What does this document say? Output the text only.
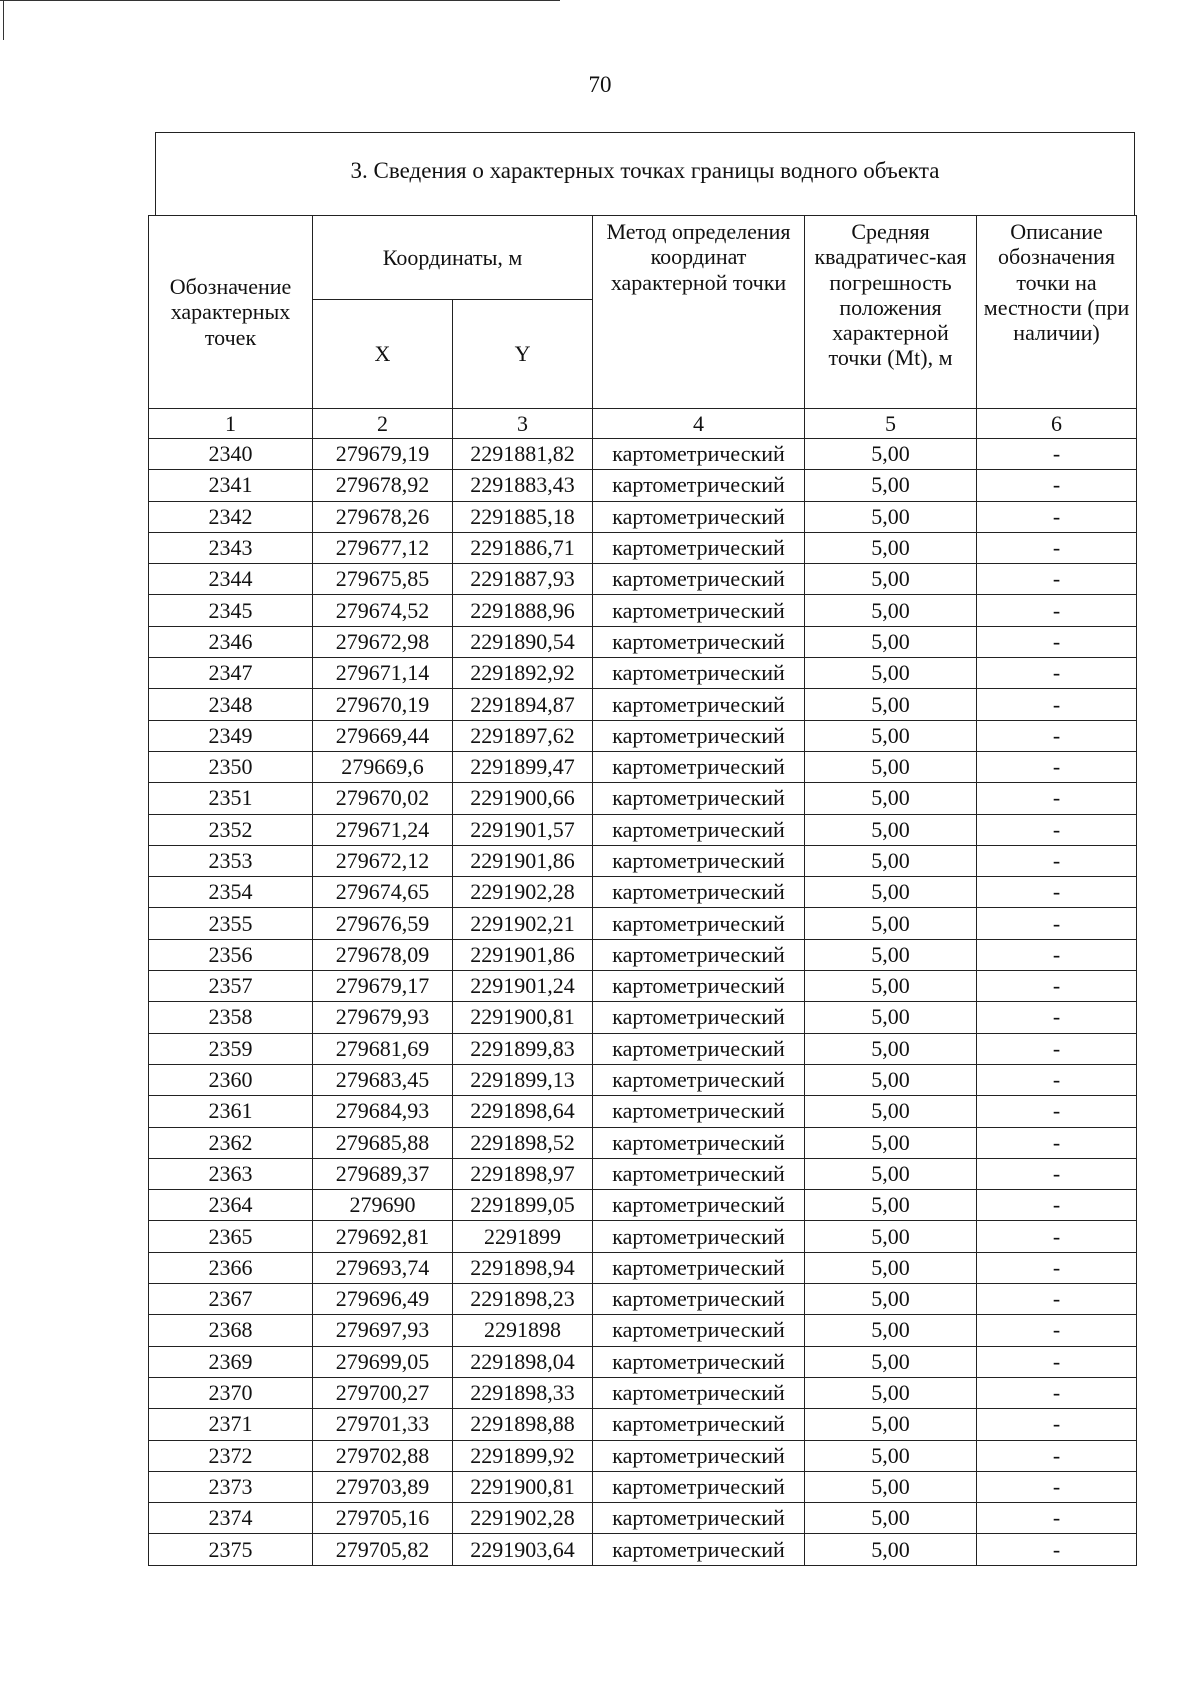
70
3. Сведения о характерных точках границы водного объекта
Обозначение характерных точек	Координаты, м		Метод определения координат характерной точки	Средняя квадратичес-кая погрешность положения характерной точки (Mt), м	Описание обозначения точки на местности (при наличии)
	X	Y			
1	2	3	4	5	6
2340	279679,19	2291881,82	картометрический	5,00	-
2341	279678,92	2291883,43	картометрический	5,00	-
2342	279678,26	2291885,18	картометрический	5,00	-
2343	279677,12	2291886,71	картометрический	5,00	-
2344	279675,85	2291887,93	картометрический	5,00	-
2345	279674,52	2291888,96	картометрический	5,00	-
2346	279672,98	2291890,54	картометрический	5,00	-
2347	279671,14	2291892,92	картометрический	5,00	-
2348	279670,19	2291894,87	картометрический	5,00	-
2349	279669,44	2291897,62	картометрический	5,00	-
2350	279669,6	2291899,47	картометрический	5,00	-
2351	279670,02	2291900,66	картометрический	5,00	-
2352	279671,24	2291901,57	картометрический	5,00	-
2353	279672,12	2291901,86	картометрический	5,00	-
2354	279674,65	2291902,28	картометрический	5,00	-
2355	279676,59	2291902,21	картометрический	5,00	-
2356	279678,09	2291901,86	картометрический	5,00	-
2357	279679,17	2291901,24	картометрический	5,00	-
2358	279679,93	2291900,81	картометрический	5,00	-
2359	279681,69	2291899,83	картометрический	5,00	-
2360	279683,45	2291899,13	картометрический	5,00	-
2361	279684,93	2291898,64	картометрический	5,00	-
2362	279685,88	2291898,52	картометрический	5,00	-
2363	279689,37	2291898,97	картометрический	5,00	-
2364	279690	2291899,05	картометрический	5,00	-
2365	279692,81	2291899	картометрический	5,00	-
2366	279693,74	2291898,94	картометрический	5,00	-
2367	279696,49	2291898,23	картометрический	5,00	-
2368	279697,93	2291898	картометрический	5,00	-
2369	279699,05	2291898,04	картометрический	5,00	-
2370	279700,27	2291898,33	картометрический	5,00	-
2371	279701,33	2291898,88	картометрический	5,00	-
2372	279702,88	2291899,92	картометрический	5,00	-
2373	279703,89	2291900,81	картометрический	5,00	-
2374	279705,16	2291902,28	картометрический	5,00	-
2375	279705,82	2291903,64	картометрический	5,00	-
